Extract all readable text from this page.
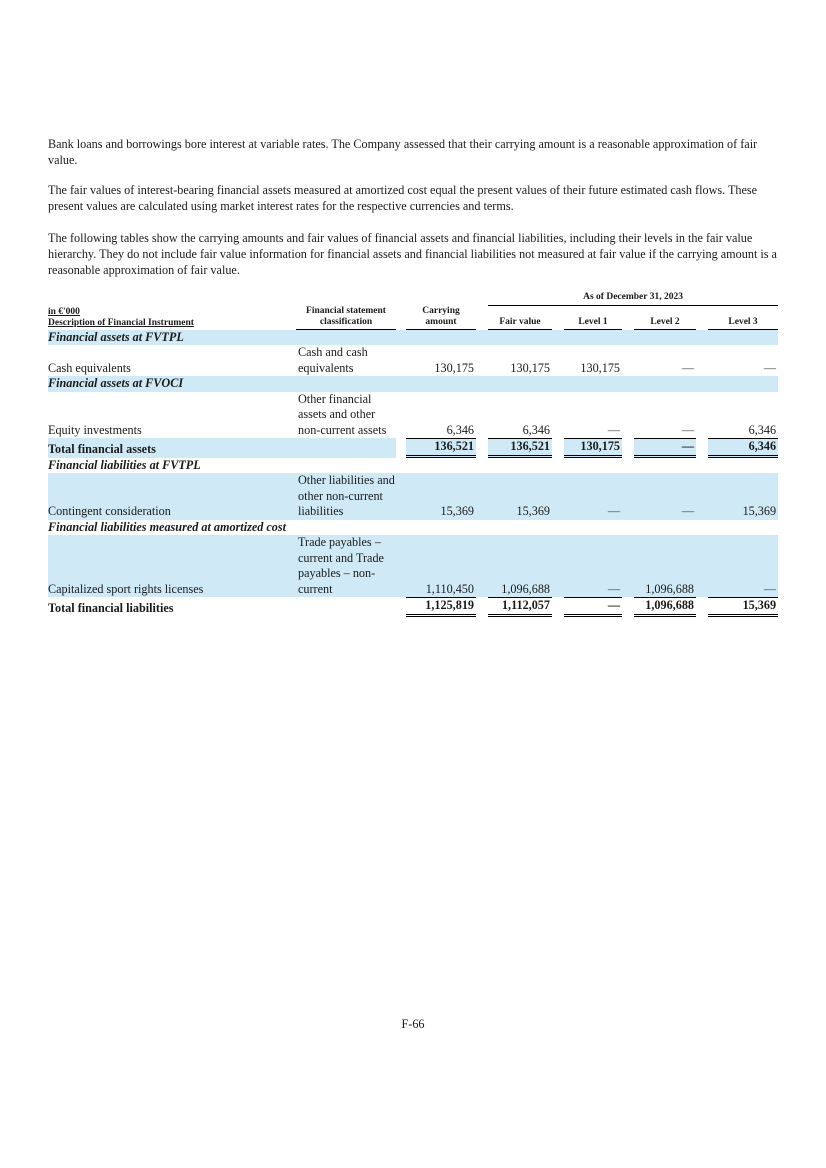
Bank loans and borrowings bore interest at variable rates. The Company assessed that their carrying amount is a reasonable approximation of fair value.

The fair values of interest-bearing financial assets measured at amortized cost equal the present values of their future estimated cash flows. These present values are calculated using market interest rates for the respective currencies and terms.

The following tables show the carrying amounts and fair values of financial assets and financial liabilities, including their levels in the fair value hierarchy. They do not include fair value information for financial assets and financial liabilities not measured at fair value if the carrying amount is a reasonable approximation of fair value.

					As of December 31, 2023						

in €'000
Description of Financial Instrument	Financial statement classification		Carrying amount		Fair value		Level 1		Level 2		Level 3
Financial assets at FVTPL											
Cash equivalents	Cash and cash equivalents		130,175		130,175		130,175		—		—
Financial assets at FVOCI											
Equity investments	Other financial assets and other non-current assets		6,346		6,346		—		—		6,346
Total financial assets			136,521		136,521		130,175		—		6,346
Financial liabilities at FVTPL											
Contingent consideration	Other liabilities and other non-current liabilities		15,369		15,369		—		—		15,369
Financial liabilities measured at amortized cost											
Capitalized sport rights licenses	Trade payables – current and Trade payables – non-current		1,110,450		1,096,688		—		1,096,688		—
Total financial liabilities			1,125,819		1,112,057		—		1,096,688		15,369
F-66
